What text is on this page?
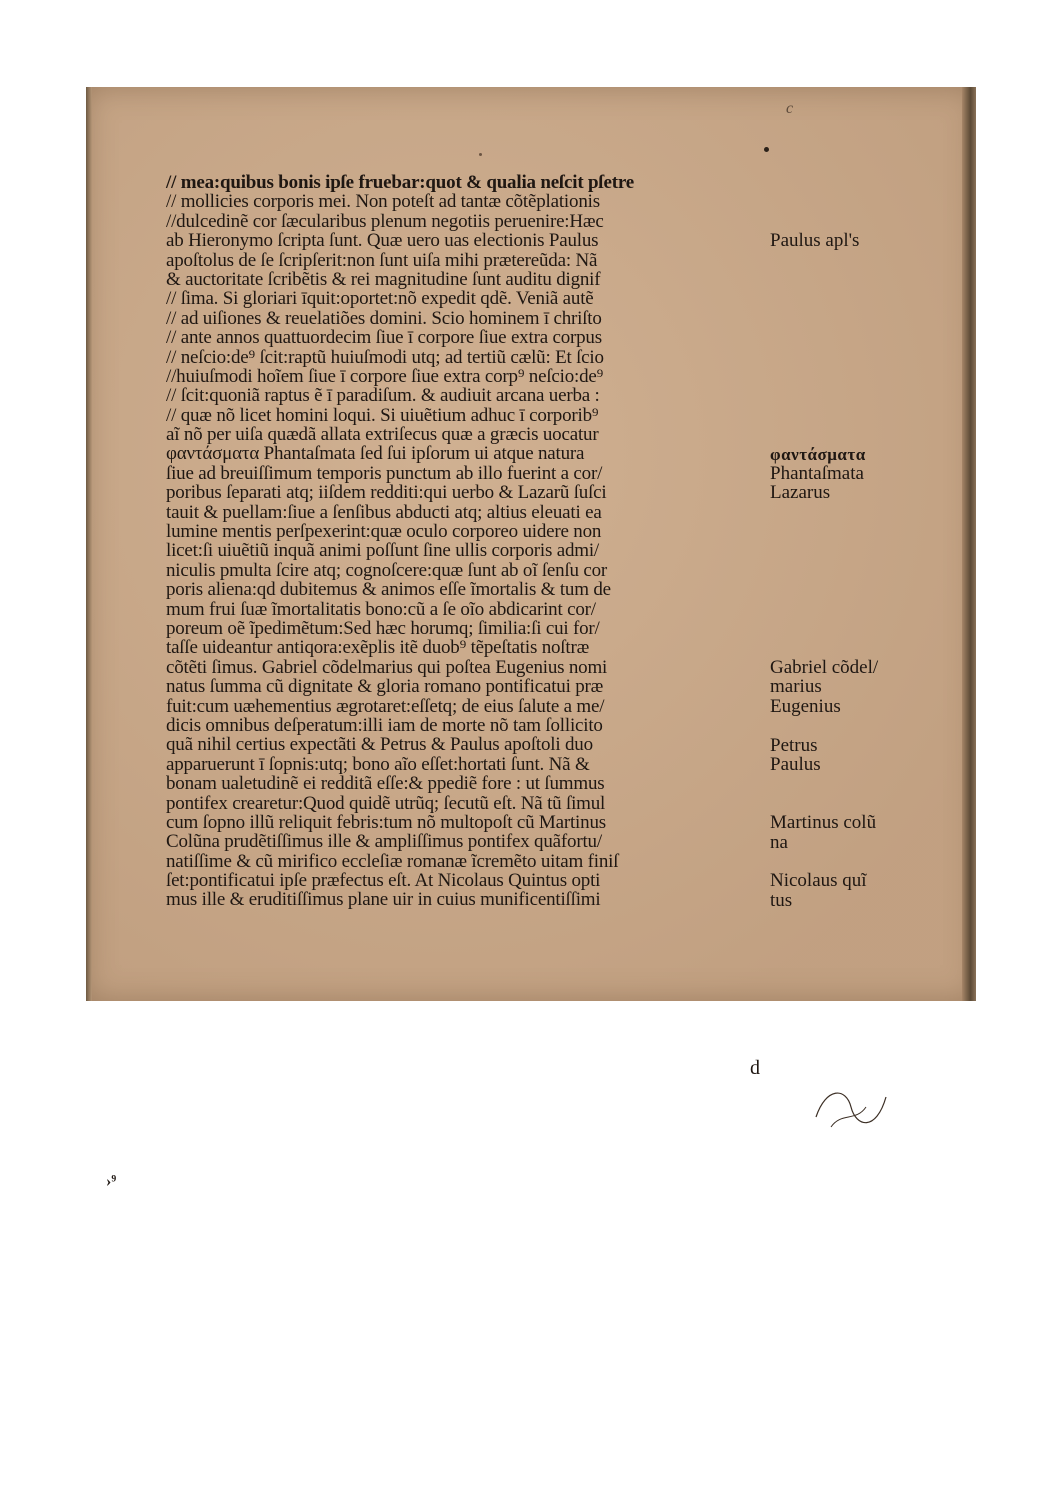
c
// mea:quibus bonis ipſe fruebar:quot & qualia neſcit pſetre
// mollicies corporis mei. Non poteſt ad tantæ cõtẽplationis
//dulcedinẽ cor ſæcularibus plenum negotiis peruenire:Hæc
ab Hieronymo ſcripta ſunt. Quæ uero uas electionis Paulus
apoſtolus de ſe ſcripſerit:non ſunt uiſa mihi prætereũda: Nã
& auctoritate ſcribẽtis & rei magnitudine ſunt auditu dignif
// ſima. Si gloriari īquit:oportet:nõ expedit qdẽ. Veniã autẽ
// ad uiſiones & reuelatiões domini. Scio hominem ī chriſto
// ante annos quattuordecim ſiue ī corpore ſiue extra corpus
// neſcio:de⁹ ſcit:raptũ huiuſmodi utq; ad tertiũ cælũ: Et ſcio
//huiuſmodi hoĩem ſiue ī corpore ſiue extra corp⁹ neſcio:de⁹
// ſcit:quoniã raptus ẽ ī paradiſum. & audiuit arcana uerba :
// quæ nõ licet homini loqui. Si uiuẽtium adhuc ī corporib⁹
aĩ nõ per uiſa quædã allata extriſecus quæ a græcis uocatur
φαντάσματα Phantaſmata ſed ſui ipſorum ui atque natura
ſiue ad breuiſſimum temporis punctum ab illo fuerint a cor/
poribus ſeparati atq; iiſdem redditi:qui uerbo & Lazarũ ſuſci
tauit & puellam:ſiue a ſenſibus abducti atq; altius eleuati ea
lumine mentis perſpexerint:quæ oculo corporeo uidere non
licet:ſi uiuẽtiũ inquã animi poſſunt ſine ullis corporis admi/
niculis pmulta ſcire atq; cognoſcere:quæ ſunt ab oĩ ſenſu cor
poris aliena:qd dubitemus & animos eſſe ĩmortalis & tum de
mum frui ſuæ ĩmortalitatis bono:cũ a ſe oĩo abdicarint cor/
poreum oẽ ĩpedimẽtum:Sed hæc horumq; ſimilia:ſi cui for/
taſſe uideantur antiqora:exẽplis itẽ duob⁹ tẽpeſtatis noſtræ
cõtẽti ſimus. Gabriel cõdelmarius qui poſtea Eugenius nomi
natus ſumma cũ dignitate & gloria romano pontificatui præ
fuit:cum uæhementius ægrotaret:eſſetq; de eius ſalute a me/
dicis omnibus deſperatum:illi iam de morte nõ tam ſollicito
quã nihil certius expectãti & Petrus & Paulus apoſtoli duo
apparuerunt ī ſopnis:utq; bono aĩo eſſet:hortati ſunt. Nã &
bonam ualetudinẽ ei redditã eſſe:& ppediẽ fore : ut ſummus
pontifex crearetur:Quod quidẽ utrũq; ſecutũ eſt. Nã tũ ſimul
cum ſopno illũ reliquit febris:tum nõ multopoſt cũ Martinus
Colũna prudẽtiſſimus ille & ampliſſimus pontifex quãfortu/
natiſſime & cũ mirifico eccleſiæ romanæ ĩcremẽto uitam finiſ
ſet:pontificatui ipſe præfectus eſt. At Nicolaus Quintus opti
mus ille & eruditiſſimus plane uir in cuius munificentiſſimi
Paulus apl's
φαντάσματα
Phantaſmata
Lazarus
Gabriel cõdel/
marius
Eugenius
Petrus
Paulus
Martinus colũ
na
Nicolaus quĩ
tus
d
›⁹
